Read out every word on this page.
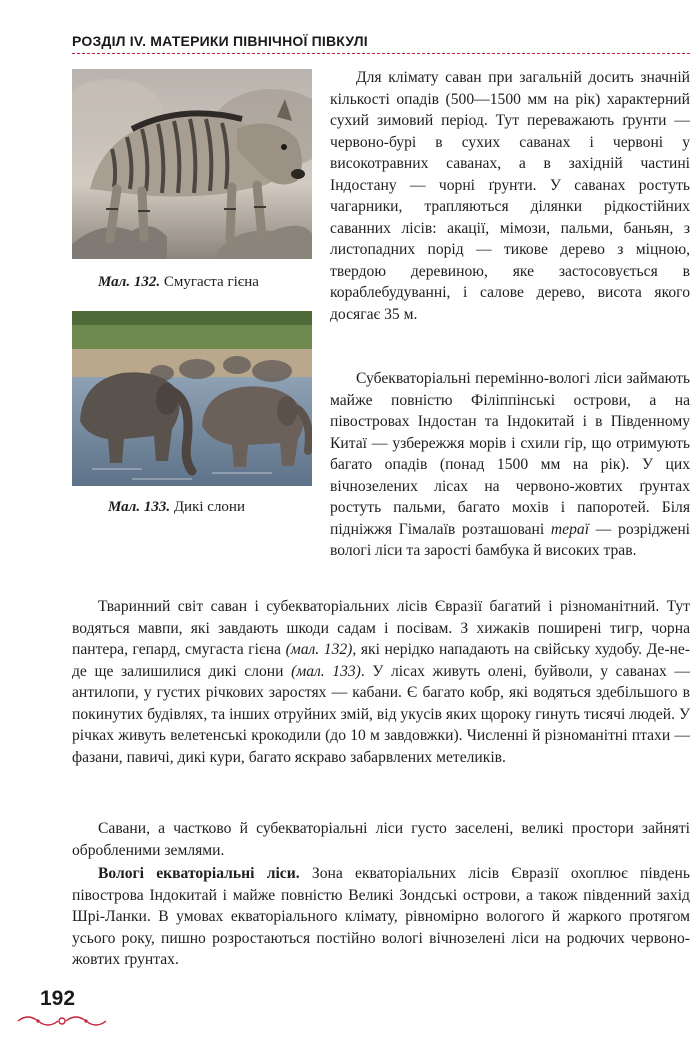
РОЗДІЛ IV. МАТЕРИКИ ПІВНІЧНОЇ ПІВКУЛІ
Мал. 132. Смугаста гієна
Мал. 133. Дикі слони

Для клімату саван при загальній досить значній кількості опадів (500—1500 мм на рік) характерний сухий зимовий період. Тут переважають ґрунти — червоно-бурі в сухих саванах і червоні у високотравних саванах, а в західній частині Індостану — чорні ґрунти. У саванах ростуть чагарники, трапляються ділянки рідкостійних саванних лісів: акації, мімози, пальми, баньян, з листопадних порід — тикове дерево з міцною, твердою деревиною, яке застосовується в кораблебудуванні, і салове дерево, висота якого досягає 35 м.

Субекваторіальні перемінно-вологі ліси займають майже повністю Філіппінські острови, а на півостровах Індостан та Індокитай і в Південному Китаї — узбережжя морів і схили гір, що отримують багато опадів (понад 1500 мм на рік). У цих вічнозелених лісах на червоно-жовтих ґрунтах ростуть пальми, багато мохів і папоротей. Біля підніжжя Гімалаїв розташовані тераї — розріджені вологі ліси та зарості бамбука й високих трав.

Тваринний світ саван і субекваторіальних лісів Євразії багатий і різноманітний. Тут водяться мавпи, які завдають шкоди садам і посівам. З хижаків поширені тигр, чорна пантера, гепард, смугаста гієна (мал. 132), які нерідко нападають на свійську худобу. Де-не-де ще залишилися дикі слони (мал. 133). У лісах живуть олені, буйволи, у саванах — антилопи, у густих річкових заростях — кабани. Є багато кобр, які водяться здебільшого в покинутих будівлях, та інших отруйних змій, від укусів яких щороку гинуть тисячі людей. У річках живуть велетенські крокодили (до 10 м завдовжки). Численні й різноманітні птахи — фазани, павичі, дикі кури, багато яскраво забарвлених метеликів.

Савани, а частково й субекваторіальні ліси густо заселені, великі простори зайняті обробленими землями.

Вологі екваторіальні ліси. Зона екваторіальних лісів Євразії охоплює південь півострова Індокитай і майже повністю Великі Зондські острови, а також південний захід Шрі-Ланки. В умовах екваторіального клімату, рівномірно вологого й жаркого протягом усього року, пишно розростаються постійно вологі вічнозелені ліси на родючих червоно-жовтих ґрунтах.

192
